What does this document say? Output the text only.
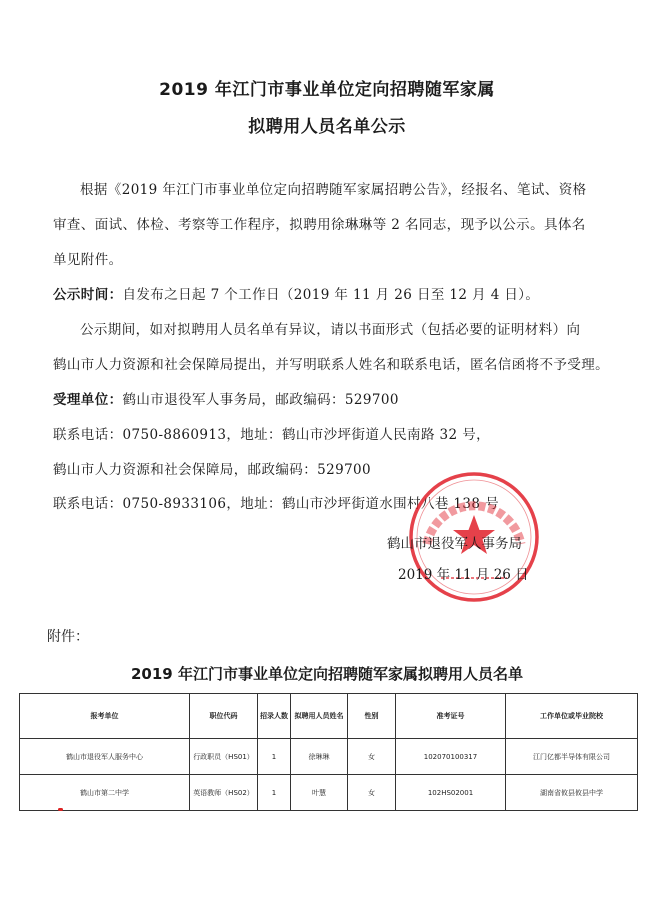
2019 年江门市事业单位定向招聘随军家属
拟聘用人员名单公示
根据《2019 年江门市事业单位定向招聘随军家属招聘公告》，经报名、笔试、资格
审查、面试、体检、考察等工作程序，拟聘用徐琳琳等 2 名同志，现予以公示。具体名
单见附件。
公示时间：自发布之日起 7 个工作日（2019 年 11 月 26 日至 12 月 4 日）。
公示期间，如对拟聘用人员名单有异议，请以书面形式（包括必要的证明材料）向
鹤山市人力资源和社会保障局提出，并写明联系人姓名和联系电话，匿名信函将不予受理。
受理单位：鹤山市退役军人事务局，邮政编码：529700
联系电话：0750-8860913，地址：鹤山市沙坪街道人民南路 32 号，
鹤山市人力资源和社会保障局，邮政编码：529700
联系电话：0750-8933106，地址：鹤山市沙坪街道水围村八巷 138 号
鹤山市退役军人事务局
2019 年 11 月 26 日
附件：
2019 年江门市事业单位定向招聘随军家属拟聘用人员名单
报考单位	职位代码	招录人数	拟聘用人员姓名	性别	准考证号	工作单位或毕业院校
鹤山市退役军人服务中心	行政职员（HS01）	1	徐琳琳	女	102070100317	江门亿都半导体有限公司
鹤山市第二中学	英语教师（HS02）	1	叶慧	女	102HS02001	湖南省攸县攸县中学
